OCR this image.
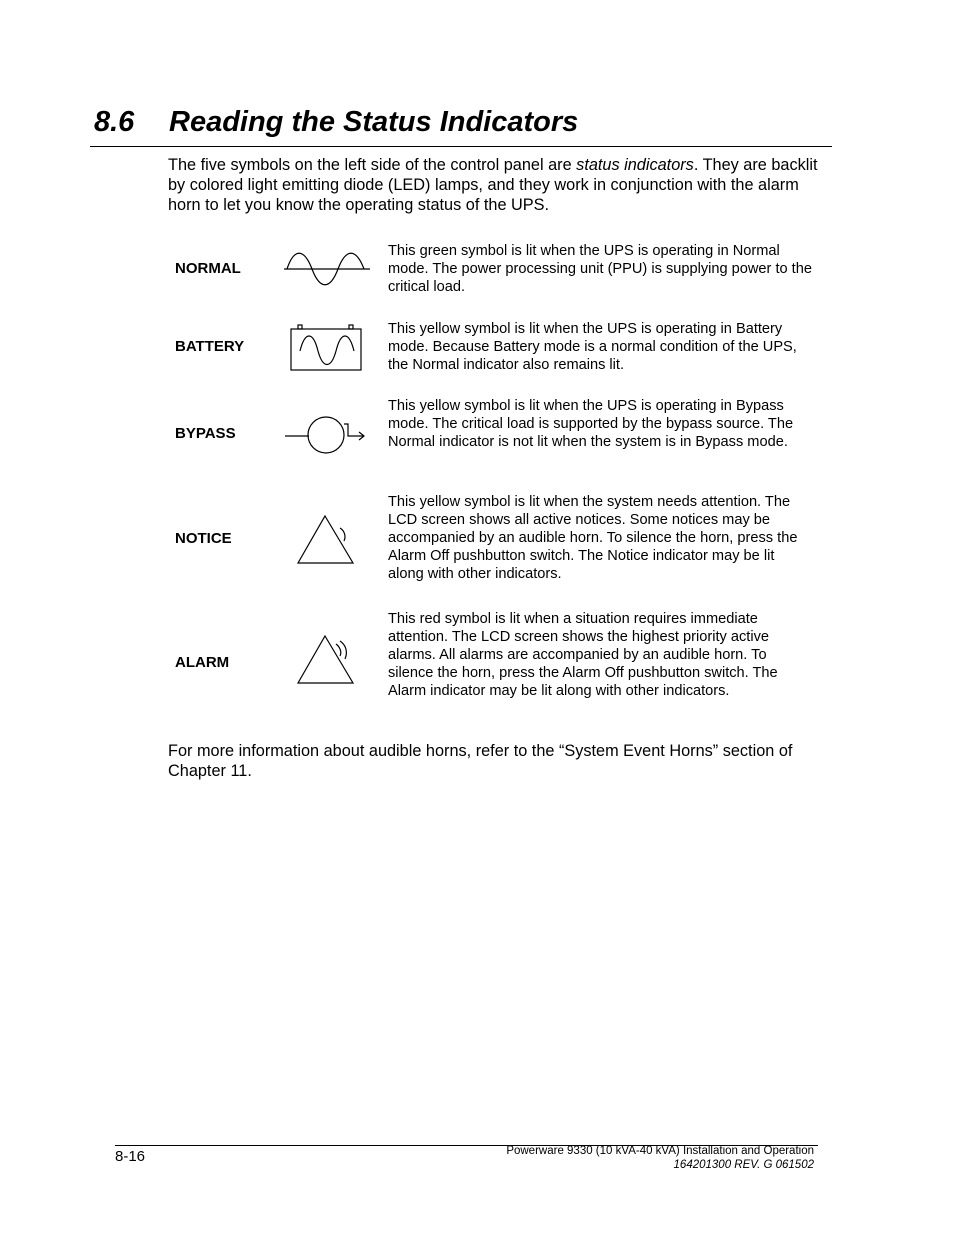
8.6 Reading the Status Indicators

The five symbols on the left side of the control panel are status indicators. They are backlit by colored light emitting diode (LED) lamps, and they work in conjunction with the alarm horn to let you know the operating status of the UPS.

NORMAL

This green symbol is lit when the UPS is operating in Normal mode. The power processing unit (PPU) is supplying power to the critical load.

BATTERY

This yellow symbol is lit when the UPS is operating in Battery mode. Because Battery mode is a normal condition of the UPS, the Normal indicator also remains lit.

BYPASS

This yellow symbol is lit when the UPS is operating in Bypass mode. The critical load is supported by the bypass source. The Normal indicator is not lit when the system is in Bypass mode.

NOTICE

This yellow symbol is lit when the system needs attention. The LCD screen shows all active notices. Some notices may be accompanied by an audible horn. To silence the horn, press the Alarm Off pushbutton switch. The Notice indicator may be lit along with other indicators.

ALARM

This red symbol is lit when a situation requires immediate attention. The LCD screen shows the highest priority active alarms. All alarms are accompanied by an audible horn. To silence the horn, press the Alarm Off pushbutton switch. The Alarm indicator may be lit along with other indicators.

For more information about audible horns, refer to the “System Event Horns” section of Chapter 11.

8-16	Powerware 9330 (10 kVA-40 kVA) Installation and Operation
164201300 REV. G 061502
